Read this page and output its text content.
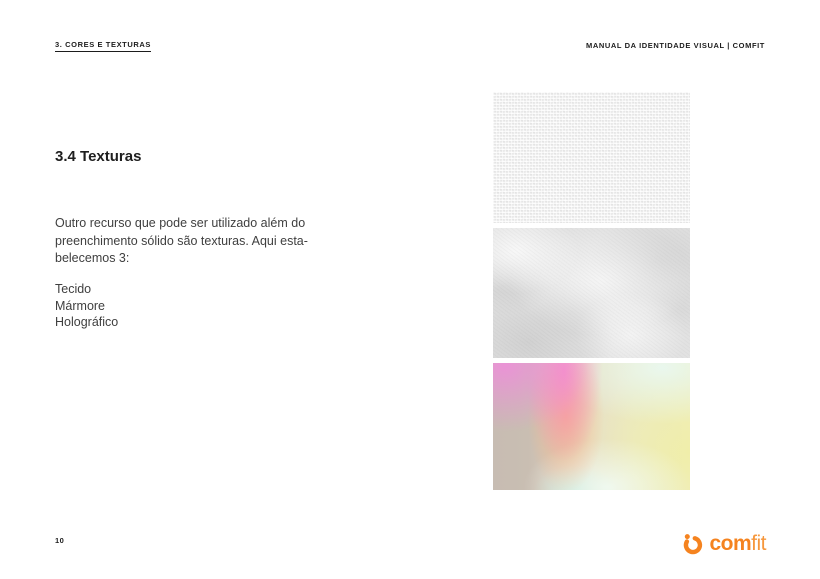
3. CORES E TEXTURAS	MANUAL DA IDENTIDADE VISUAL | COMFIT
3.4 Texturas
Outro recurso que pode ser utilizado além do
preenchimento sólido são texturas. Aqui esta-
belecemos 3:
Tecido
Mármore
Holográfico
10	comfit
